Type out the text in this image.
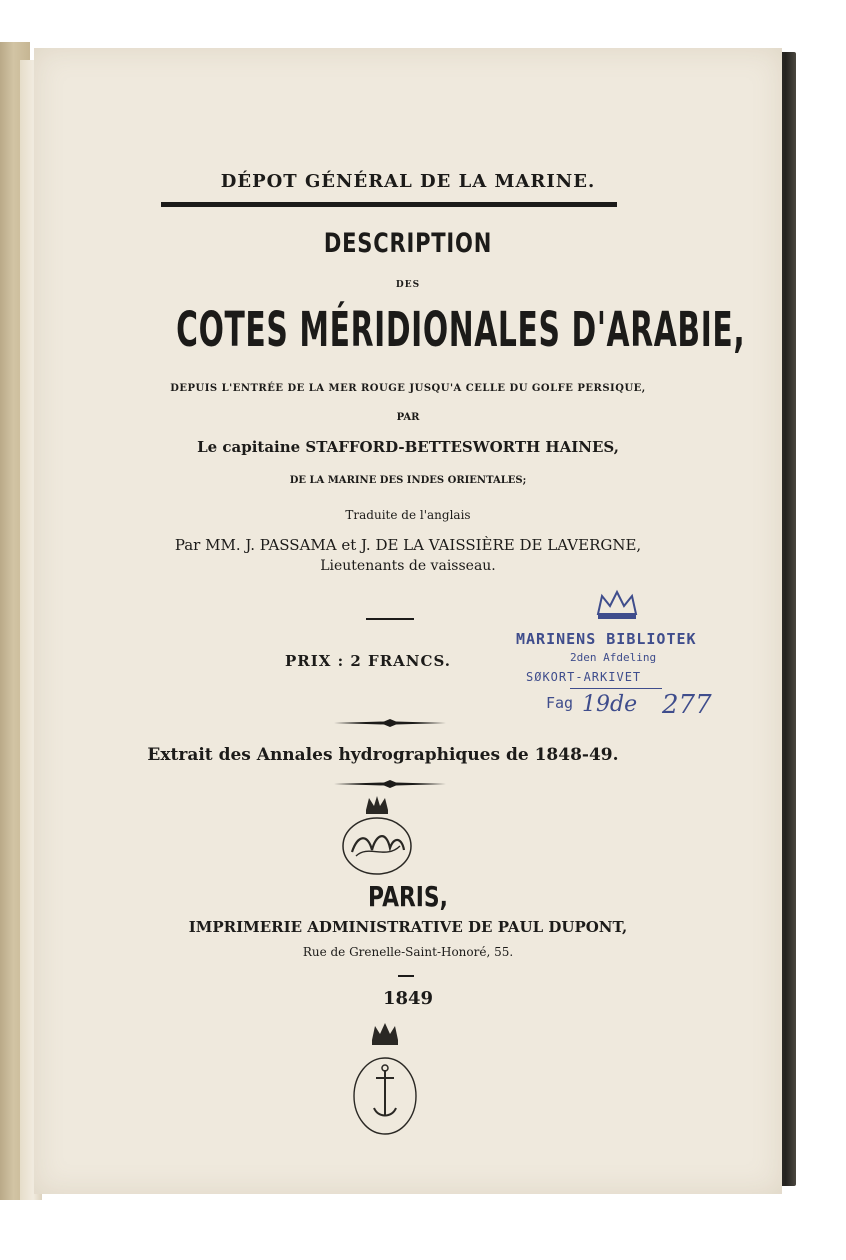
DÉPOT GÉNÉRAL DE LA MARINE.
DESCRIPTION
DES
COTES MÉRIDIONALES D'ARABIE,
DEPUIS L'ENTRÉE DE LA MER ROUGE JUSQU'A CELLE DU GOLFE PERSIQUE,
PAR
Le capitaine STAFFORD-BETTESWORTH HAINES,
DE LA MARINE DES INDES ORIENTALES;
Traduite de l'anglais
Par MM. J. PASSAMA et J. DE LA VAISSIÈRE DE LAVERGNE,
Lieutenants de vaisseau.
PRIX : 2 FRANCS.
Extrait des Annales hydrographiques de 1848-49.
PARIS,
IMPRIMERIE ADMINISTRATIVE DE PAUL DUPONT,
Rue de Grenelle-Saint-Honoré, 55.
1849
MARINENS BIBLIOTEK
2den Afdeling
SØKORT-ARKIVET
Fag 19de 277
